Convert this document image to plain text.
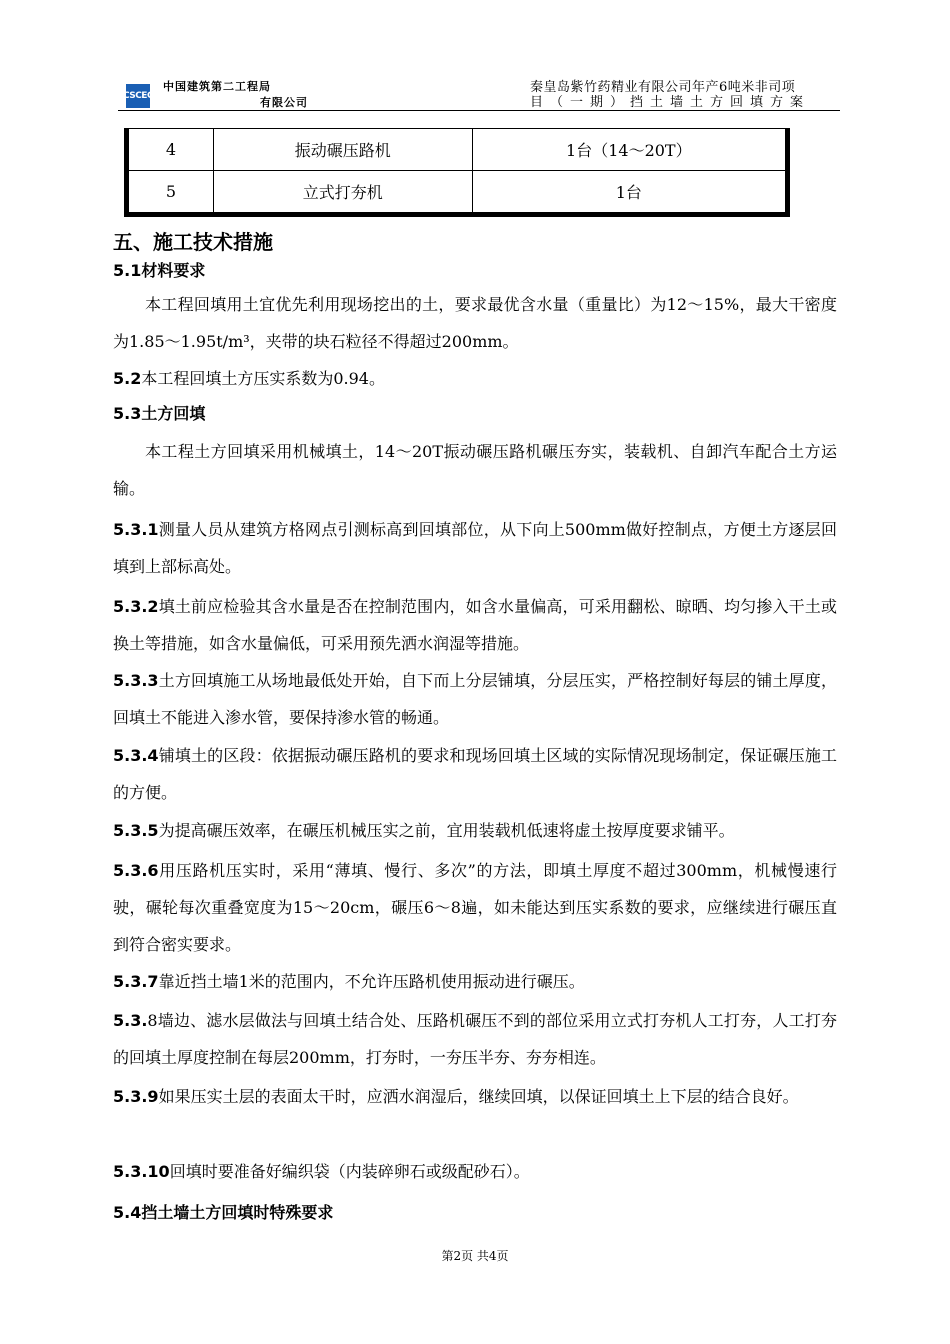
CSCEC
中国建筑第二工程局
有限公司
秦皇岛紫竹药精业有限公司年产6吨米非司项
目（一期）挡土墙土方回填方案
4	振动碾压路机	1台（14～20T）
5	立式打夯机	1台
五、施工技术措施
5.1材料要求

本工程回填用土宜优先利用现场挖出的土，要求最优含水量（重量比）为12～15%，最大干密度为1.85～1.95t/m³，夹带的块石粒径不得超过200mm。

5.2本工程回填土方压实系数为0.94。

5.3土方回填

本工程土方回填采用机械填土，14～20T振动碾压路机碾压夯实，装载机、自卸汽车配合土方运输。

5.3.1测量人员从建筑方格网点引测标高到回填部位，从下向上500mm做好控制点，方便土方逐层回填到上部标高处。

5.3.2填土前应检验其含水量是否在控制范围内，如含水量偏高，可采用翻松、晾晒、均匀掺入干土或换土等措施，如含水量偏低，可采用预先洒水润湿等措施。

5.3.3土方回填施工从场地最低处开始，自下而上分层铺填，分层压实，严格控制好每层的铺土厚度，回填土不能进入渗水管，要保持渗水管的畅通。

5.3.4铺填土的区段：依据振动碾压路机的要求和现场回填土区域的实际情况现场制定，保证碾压施工的方便。

5.3.5为提高碾压效率，在碾压机械压实之前，宜用装载机低速将虚土按厚度要求铺平。

5.3.6用压路机压实时，采用“薄填、慢行、多次”的方法，即填土厚度不超过300mm，机械慢速行驶，碾轮每次重叠宽度为15～20cm，碾压6～8遍，如未能达到压实系数的要求，应继续进行碾压直到符合密实要求。

5.3.7靠近挡土墙1米的范围内，不允许压路机使用振动进行碾压。

5.3.8墙边、滤水层做法与回填土结合处、压路机碾压不到的部位采用立式打夯机人工打夯，人工打夯的回填土厚度控制在每层200mm，打夯时，一夯压半夯、夯夯相连。

5.3.9如果压实土层的表面太干时，应洒水润湿后，继续回填，以保证回填土上下层的结合良好。

5.3.10回填时要准备好编织袋（内装碎卵石或级配砂石）。

5.4挡土墙土方回填时特殊要求
第2页 共4页
